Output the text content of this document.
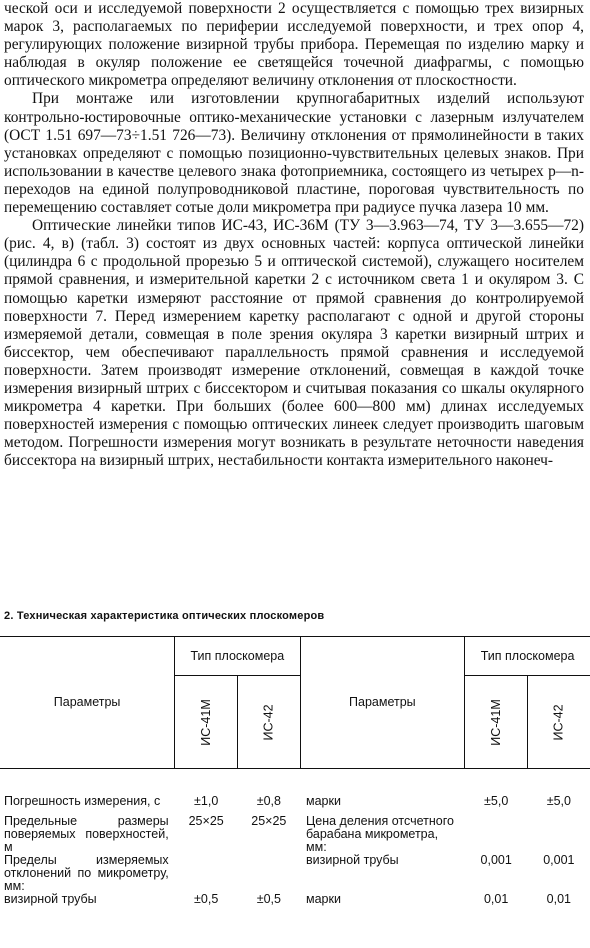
ческой оси и исследуемой поверхности 2 осуществляется с помощью трех визирных марок 3, располагаемых по периферии исследуемой поверхности, и трех опор 4, регулирующих положение визирной трубы прибора. Перемещая по изделию марку и наблюдая в окуляр положение ее светящейся точечной диафрагмы, с помощью оптического микрометра определяют величину отклонения от плоскостности.

При монтаже или изготовлении крупногабаритных изделий используют контрольно-юстировочные оптико-механические установки с лазерным излучателем (ОСТ 1.51 697—73÷1.51 726—73). Величину отклонения от прямолинейности в таких установках определяют с помощью позиционно-чувствительных целевых знаков. При использовании в качестве целевого знака фотоприемника, состоящего из четырех p—n-переходов на единой полупроводниковой пластине, пороговая чувствительность по перемещению составляет сотые доли микрометра при радиусе пучка лазера 10 мм.

Оптические линейки типов ИС-43, ИС-36М (ТУ 3—3.963—74, ТУ 3—3.655—72) (рис. 4, в) (табл. 3) состоят из двух основных частей: корпуса оптической линейки (цилиндра 6 с продольной прорезью 5 и оптической системой), служащего носителем прямой сравнения, и измерительной каретки 2 с источником света 1 и окуляром 3. С помощью каретки измеряют расстояние от прямой сравнения до контролируемой поверхности 7. Перед измерением каретку располагают с одной и другой стороны измеряемой детали, совмещая в поле зрения окуляра 3 каретки визирный штрих и биссектор, чем обеспечивают параллельность прямой сравнения и исследуемой поверхности. Затем производят измерение отклонений, совмещая в каждой точке измерения визирный штрих с биссектором и считывая показания со шкалы окулярного микрометра 4 каретки. При больших (более 600—800 мм) длинах исследуемых поверхностей измерения с помощью оптических линеек следует производить шаговым методом. Погрешности измерения могут возникать в результате неточности наведения биссектора на визирный штрих, нестабильности контакта измерительного наконеч-

2. Техническая характеристика оптических плоскомеров
Параметры	Тип плоскомера		Параметры	Тип плоскомера	
	ИС-41М	ИС-42		ИС-41М	ИС-42
Погрешность измерения, с	±1,0	±0,8	марки	±5,0	±5,0
Предельные размеры поверяемых поверхностей, м	25×25	25×25	Цена деления отсчетного барабана микрометра, мм:		
Пределы измеряемых отклонений по микрометру, мм:			визирной трубы	0,001	0,001
визирной трубы	±0,5	±0,5	марки	0,01	0,01
